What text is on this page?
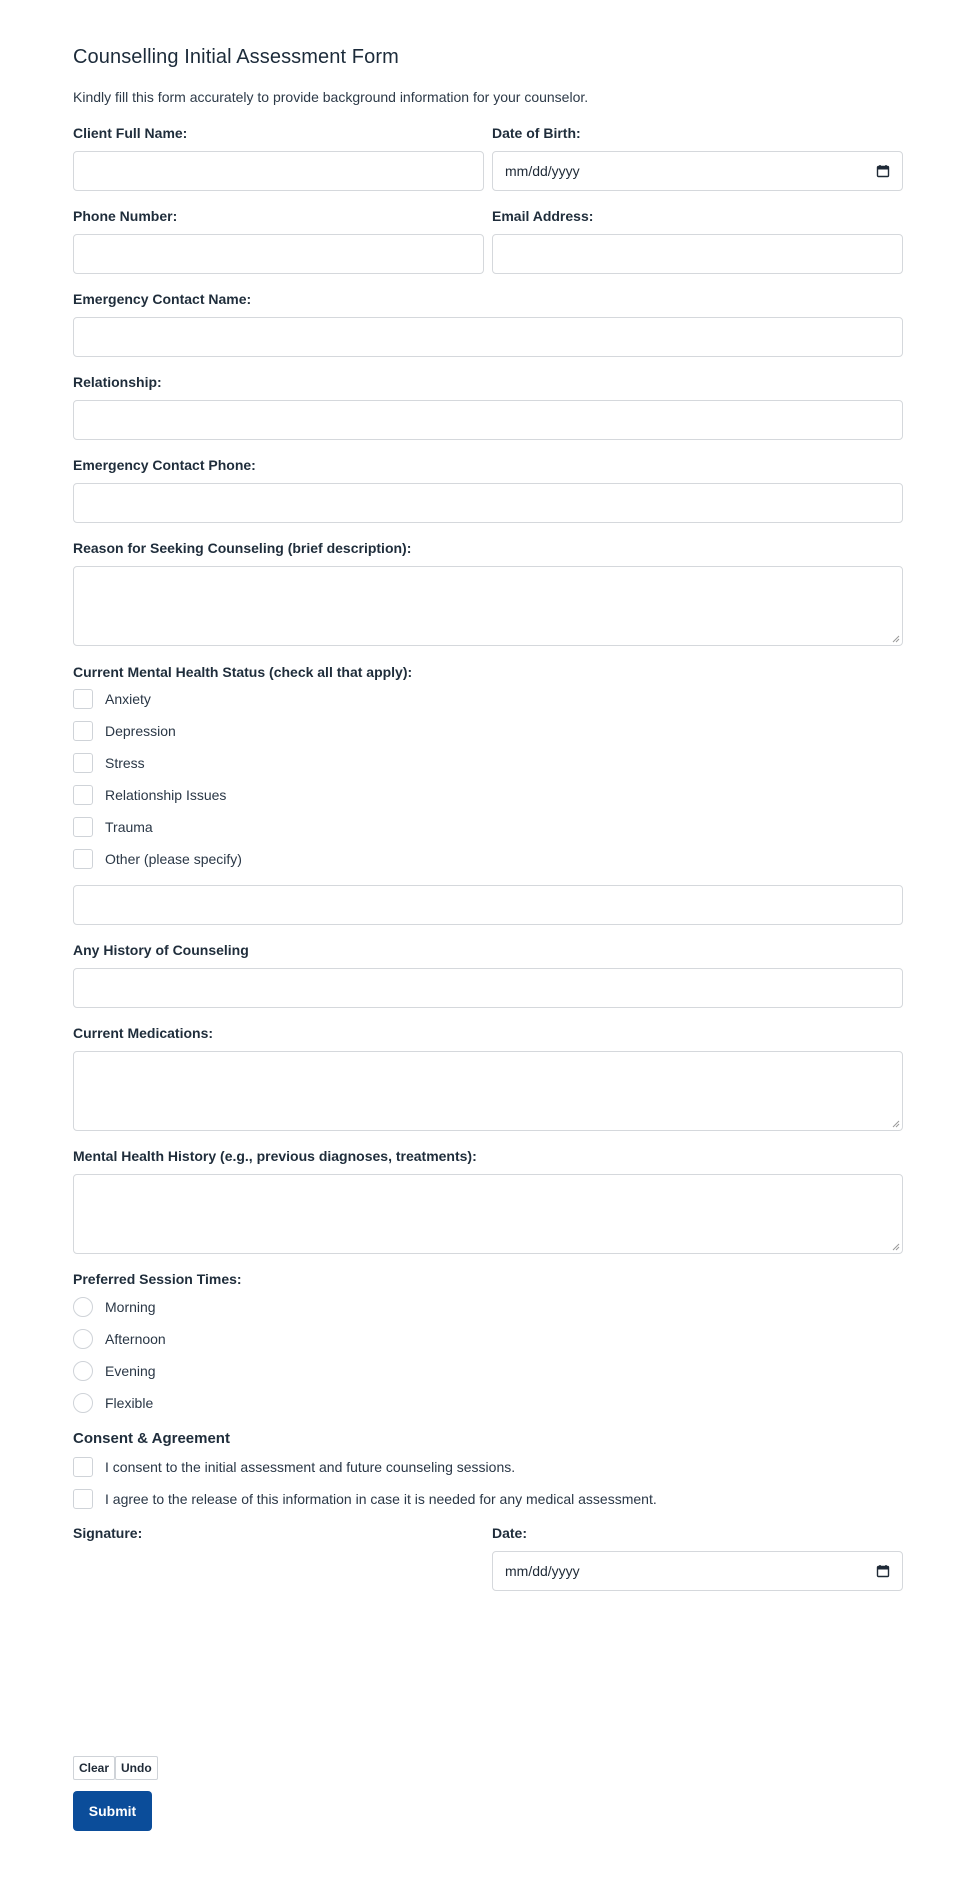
Counselling Initial Assessment Form

Kindly fill this form accurately to provide background information for your counselor.

Client Full Name:	Date of Birth:
mm/dd/yyyy
Phone Number:	Email Address:
Emergency Contact Name:
Relationship:
Emergency Contact Phone:
Reason for Seeking Counseling (brief description):
Current Mental Health Status (check all that apply):
Anxiety
Depression
Stress
Relationship Issues
Trauma
Other (please specify)
Any History of Counseling
Current Medications:
Mental Health History (e.g., previous diagnoses, treatments):
Preferred Session Times:
Morning
Afternoon
Evening
Flexible
Consent & Agreement
I consent to the initial assessment and future counseling sessions.
I agree to the release of this information in case it is needed for any medical assessment.
Signature:	Date:
mm/dd/yyyy
Clear Undo
Submit
